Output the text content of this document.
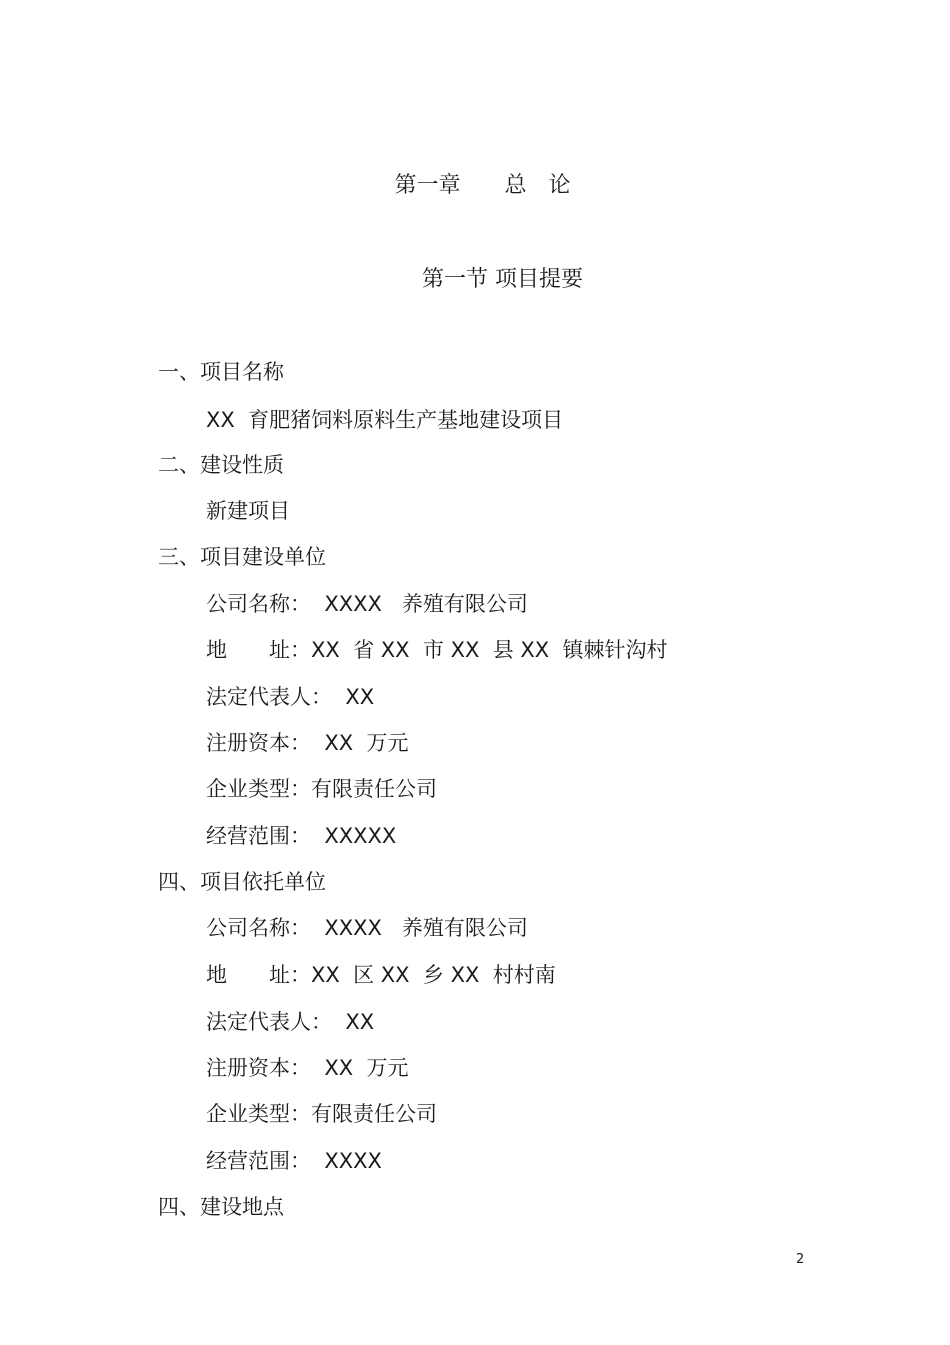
第一章　　总　论
第一节 项目提要
一、项目名称
XX  育肥猪饲料原料生产基地建设项目
二、建设性质
新建项目
三、项目建设单位
公司名称：  XXXX   养殖有限公司
地　　址：XX  省 XX  市 XX  县 XX  镇棘针沟村
法定代表人：  XX
注册资本：  XX  万元
企业类型：有限责任公司
经营范围：  XXXXX
四、项目依托单位
公司名称：  XXXX   养殖有限公司
地　　址：XX  区 XX  乡 XX  村村南
法定代表人：  XX
注册资本：  XX  万元
企业类型：有限责任公司
经营范围：  XXXX
四、建设地点
2
